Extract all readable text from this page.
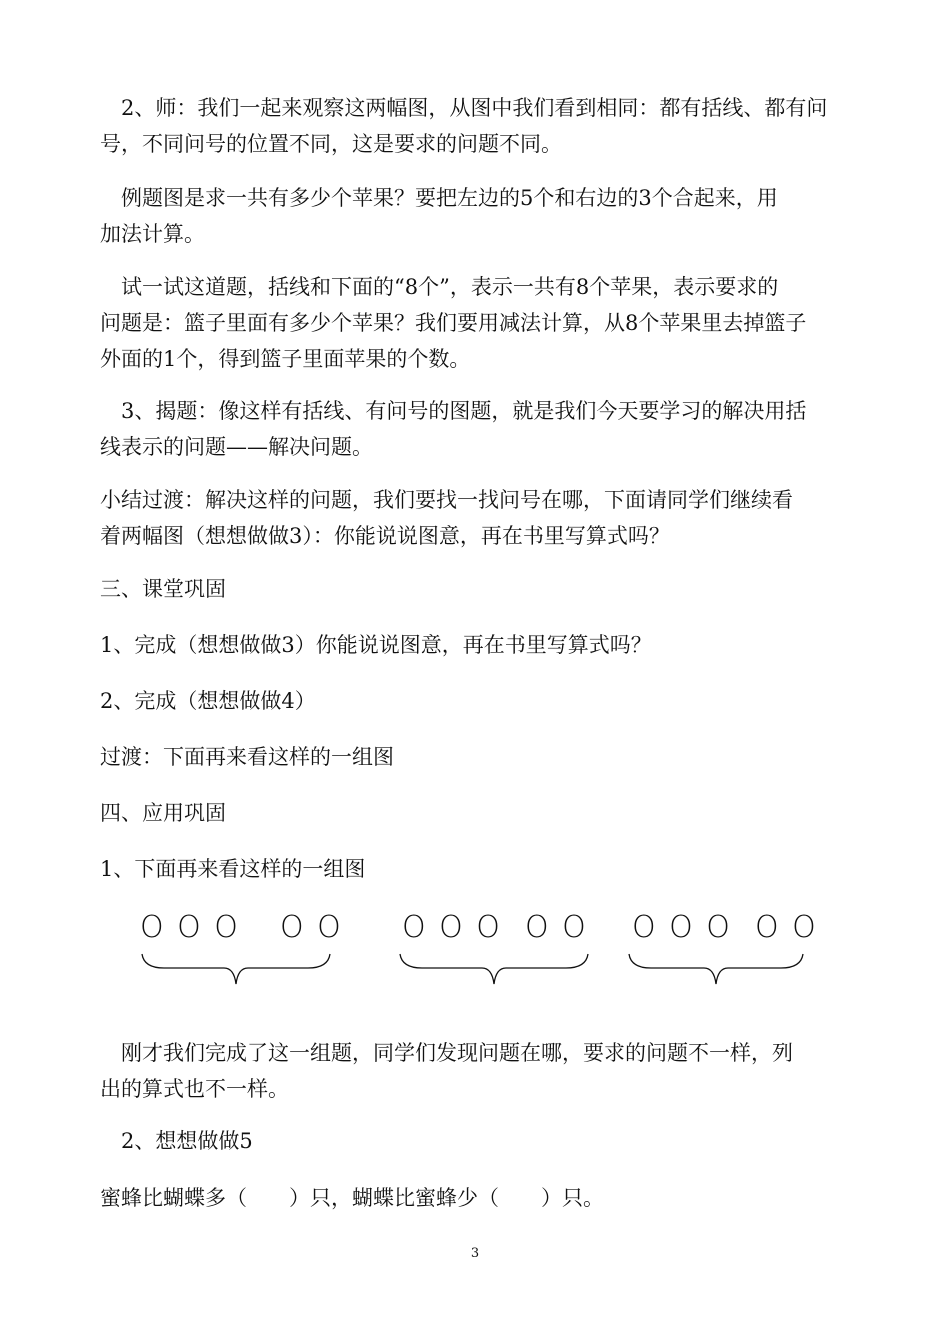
　2、师：我们一起来观察这两幅图，从图中我们看到相同：都有括线、都有问
号，不同问号的位置不同，这是要求的问题不同。
　例题图是求一共有多少个苹果？要把左边的5个和右边的3个合起来，用
加法计算。
　试一试这道题，括线和下面的“8个”，表示一共有8个苹果，表示要求的
问题是：篮子里面有多少个苹果？我们要用减法计算，从8个苹果里去掉篮子
外面的1个，得到篮子里面苹果的个数。
　3、揭题：像这样有括线、有问号的图题，就是我们今天要学习的解决用括
线表示的问题——解决问题。
小结过渡：解决这样的问题，我们要找一找问号在哪，下面请同学们继续看
着两幅图（想想做做3）：你能说说图意，再在书里写算式吗？
三、课堂巩固
1、完成（想想做做3）你能说说图意，再在书里写算式吗？
2、完成（想想做做4）
过渡：下面再来看这样的一组图
四、应用巩固
1、下面再来看这样的一组图
O O O O O O O O O O O O O O O
　刚才我们完成了这一组题，同学们发现问题在哪，要求的问题不一样，列
出的算式也不一样。
　2、想想做做5
蜜蜂比蝴蝶多（　　）只，蝴蝶比蜜蜂少（　　）只。
3
